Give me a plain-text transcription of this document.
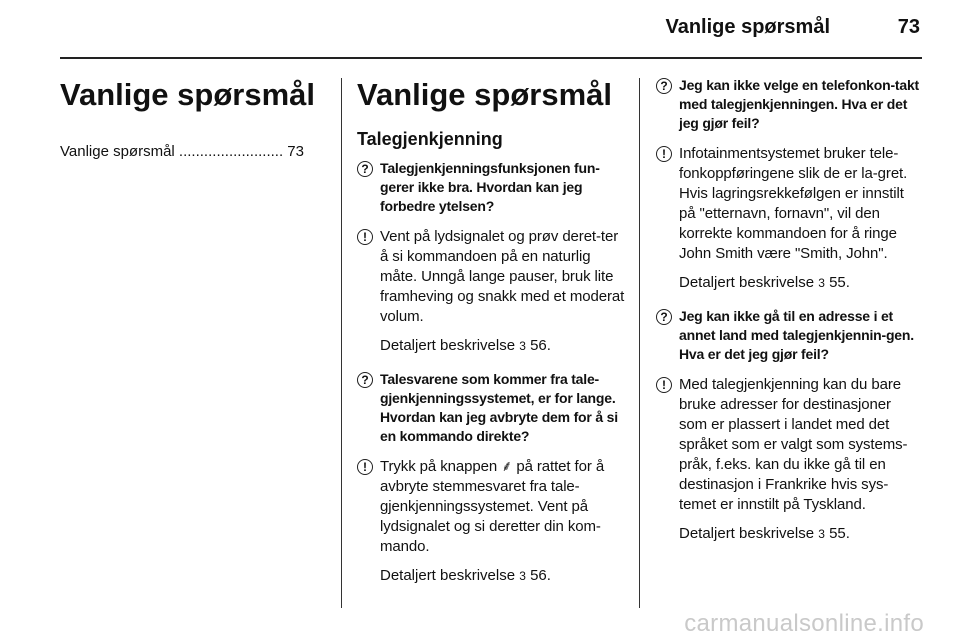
Vanlige spørsmål	73
Vanlige spørsmål
Vanlige spørsmål ......................... 73
Vanlige spørsmål
Talegjenkjenning
? Talegjenkjenningsfunksjonen fun-gerer ikke bra. Hvordan kan jeg forbedre ytelsen?
! Vent på lydsignalet og prøv deret-ter å si kommandoen på en naturlig måte. Unngå lange pauser, bruk lite framheving og snakk med et moderat volum.
Detaljert beskrivelse 3 56.
? Talesvarene som kommer fra tale-gjenkjenningssystemet, er for lange. Hvordan kan jeg avbryte dem for å si en kommando direkte?
! Trykk på knappen ⸙ på rattet for å avbryte stemmesvaret fra tale-gjenkjenningssystemet. Vent på lydsignalet og si deretter din kom-mando.
Detaljert beskrivelse 3 56.
? Jeg kan ikke velge en telefonkon-takt med talegjenkjenningen. Hva er det jeg gjør feil?
! Infotainmentsystemet bruker tele-fonkoppføringene slik de er la-gret. Hvis lagringsrekkefølgen er innstilt på "etternavn, fornavn", vil den korrekte kommandoen for å ringe John Smith være "Smith, John".
Detaljert beskrivelse 3 55.
? Jeg kan ikke gå til en adresse i et annet land med talegjenkjennin-gen. Hva er det jeg gjør feil?
! Med talegjenkjenning kan du bare bruke adresser for destinasjoner som er plassert i landet med det språket som er valgt som systems-pråk, f.eks. kan du ikke gå til en destinasjon i Frankrike hvis sys-temet er innstilt på Tyskland.
Detaljert beskrivelse 3 55.
carmanualsonline.info
